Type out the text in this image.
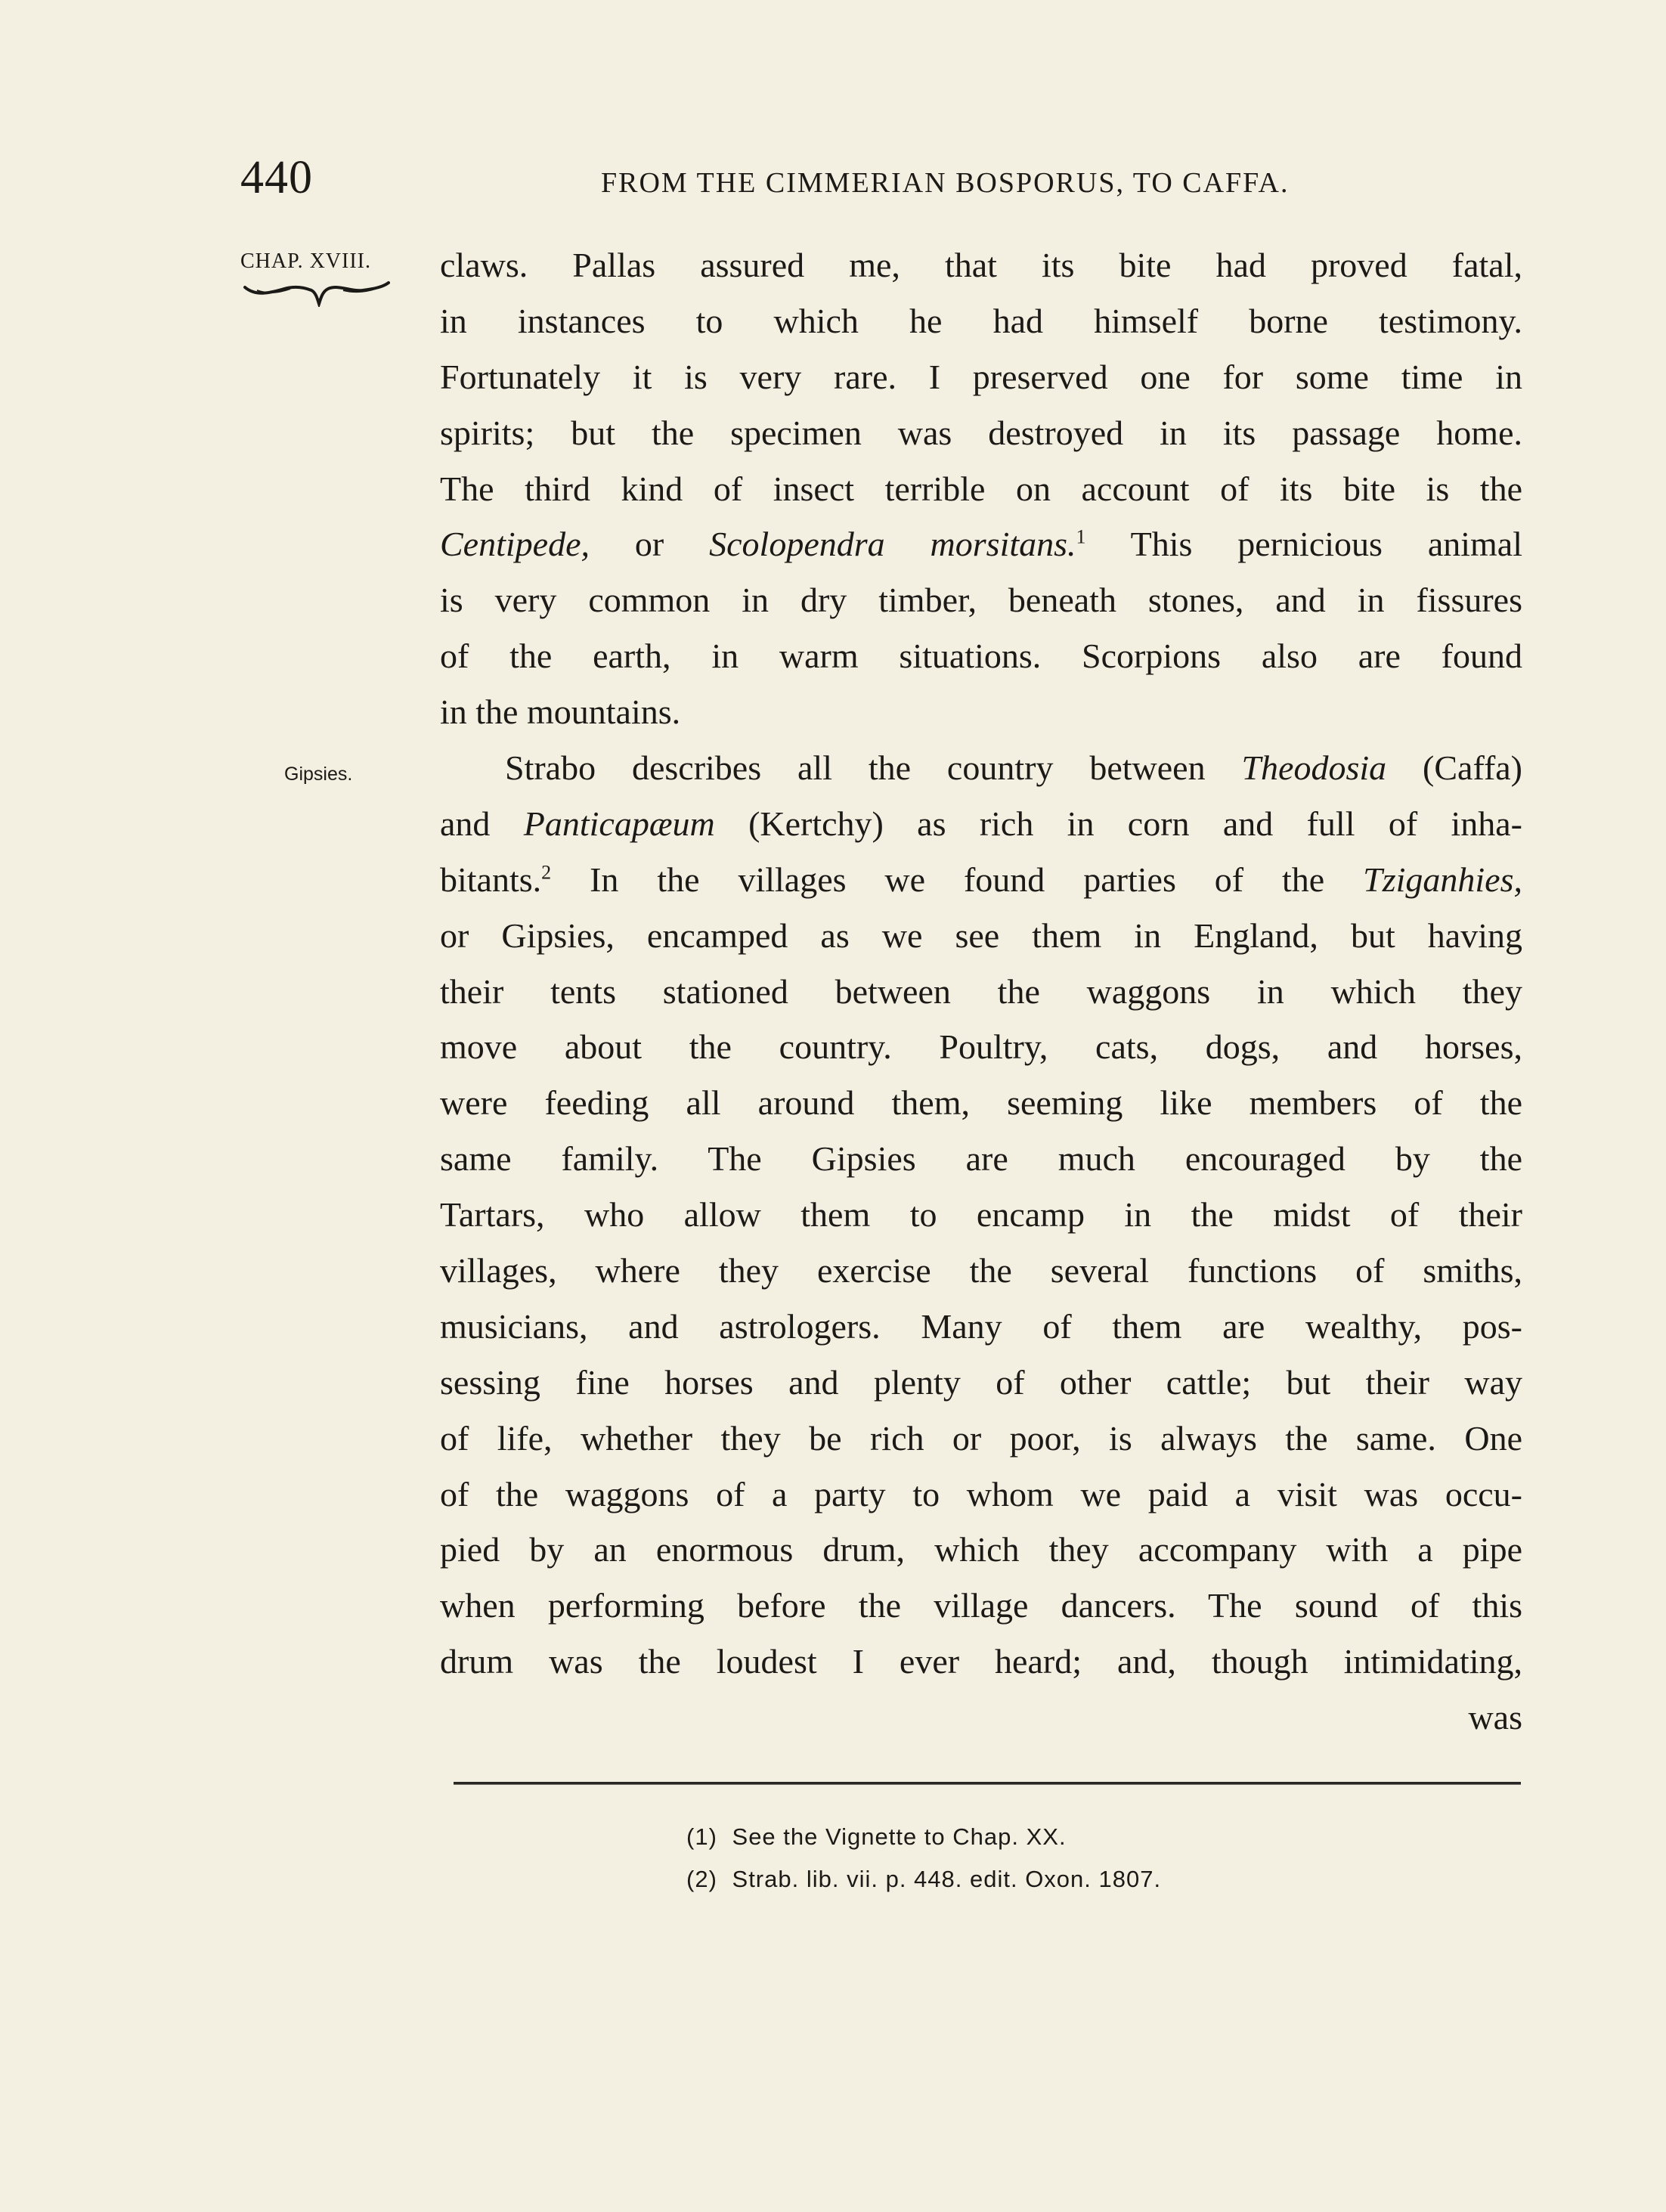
440	FROM THE CIMMERIAN BOSPORUS, TO CAFFA.
CHAP. XVIII.
Gipsies.
claws. Pallas assured me, that its bite had proved fatal,
in instances to which he had himself borne testimony.
Fortunately it is very rare. I preserved one for some time in
spirits; but the specimen was destroyed in its passage home.
The third kind of insect terrible on account of its bite is the
Centipede, or Scolopendra morsitans.$^1$ This pernicious animal
is very common in dry timber, beneath stones, and in fissures
of the earth, in warm situations. Scorpions also are found
in the mountains.
Strabo describes all the country between Theodosia (Caffa)
and Panticapæum (Kertchy) as rich in corn and full of inha-
bitants.$^2$ In the villages we found parties of the Tziganhies,
or Gipsies, encamped as we see them in England, but having
their tents stationed between the waggons in which they
move about the country. Poultry, cats, dogs, and horses,
were feeding all around them, seeming like members of the
same family. The Gipsies are much encouraged by the
Tartars, who allow them to encamp in the midst of their
villages, where they exercise the several functions of smiths,
musicians, and astrologers. Many of them are wealthy, pos-
sessing fine horses and plenty of other cattle; but their way
of life, whether they be rich or poor, is always the same. One
of the waggons of a party to whom we paid a visit was occu-
pied by an enormous drum, which they accompany with a pipe
when performing before the village dancers. The sound of this
drum was the loudest I ever heard; and, though intimidating,
was
(1) See the Vignette to Chap. XX.
(2) Strab. lib. vii. p. 448. edit. Oxon. 1807.
